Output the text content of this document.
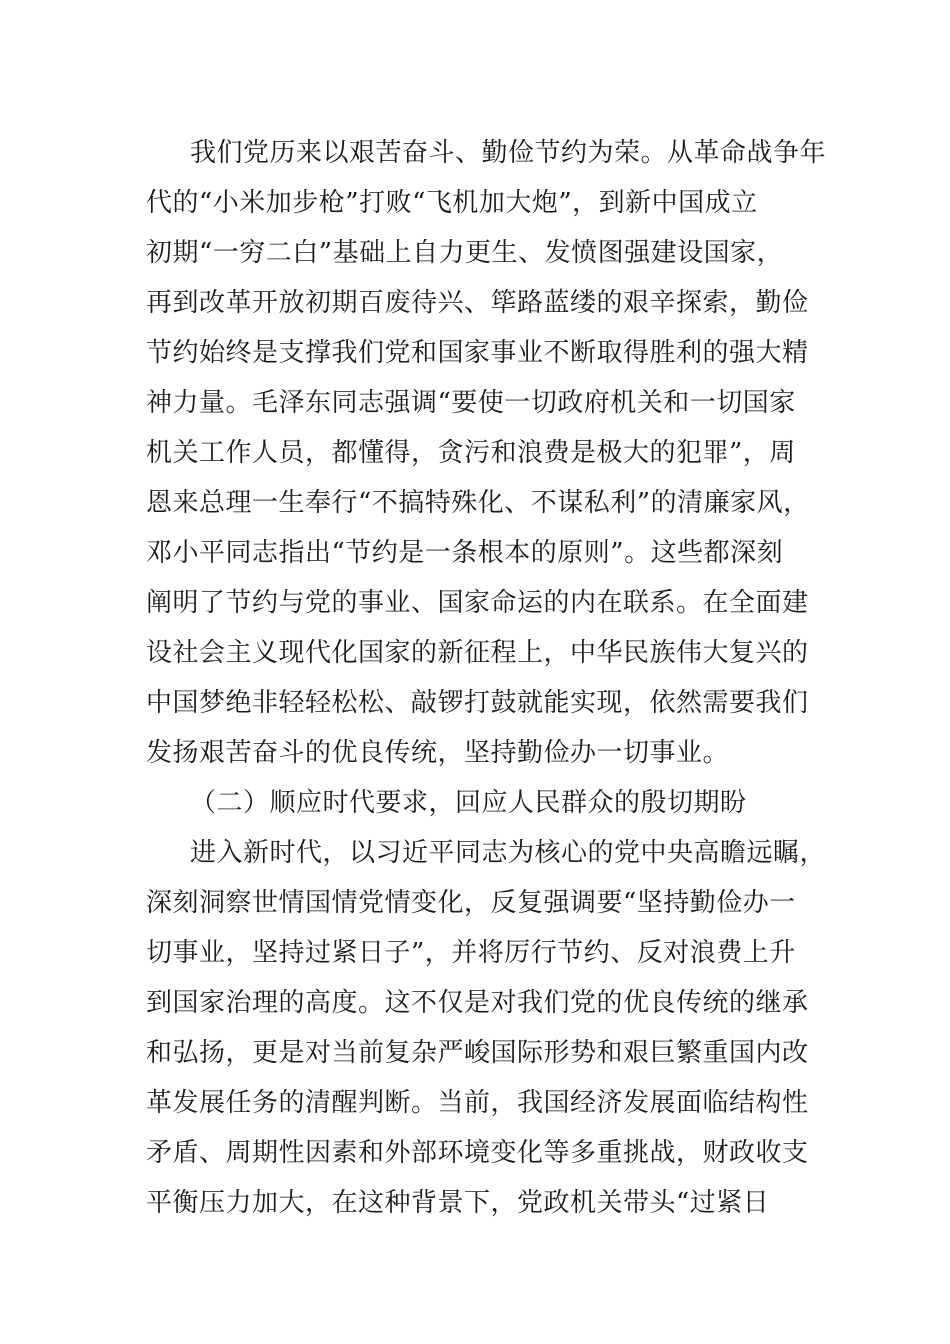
我们党历来以艰苦奋斗、勤俭节约为荣。从革命战争年
代的“小米加步枪”打败“飞机加大炮”，到新中国成立
初期“一穷二白”基础上自力更生、发愤图强建设国家，
再到改革开放初期百废待兴、筚路蓝缕的艰辛探索，勤俭
节约始终是支撑我们党和国家事业不断取得胜利的强大精
神力量。毛泽东同志强调“要使一切政府机关和一切国家
机关工作人员，都懂得，贪污和浪费是极大的犯罪”，周
恩来总理一生奉行“不搞特殊化、不谋私利”的清廉家风，
邓小平同志指出“节约是一条根本的原则”。这些都深刻
阐明了节约与党的事业、国家命运的内在联系。在全面建
设社会主义现代化国家的新征程上，中华民族伟大复兴的
中国梦绝非轻轻松松、敲锣打鼓就能实现，依然需要我们
发扬艰苦奋斗的优良传统，坚持勤俭办一切事业。
（二）顺应时代要求，回应人民群众的殷切期盼
进入新时代，以习近平同志为核心的党中央高瞻远瞩，
深刻洞察世情国情党情变化，反复强调要“坚持勤俭办一
切事业，坚持过紧日子”，并将厉行节约、反对浪费上升
到国家治理的高度。这不仅是对我们党的优良传统的继承
和弘扬，更是对当前复杂严峻国际形势和艰巨繁重国内改
革发展任务的清醒判断。当前，我国经济发展面临结构性
矛盾、周期性因素和外部环境变化等多重挑战，财政收支
平衡压力加大，在这种背景下，党政机关带头“过紧日
